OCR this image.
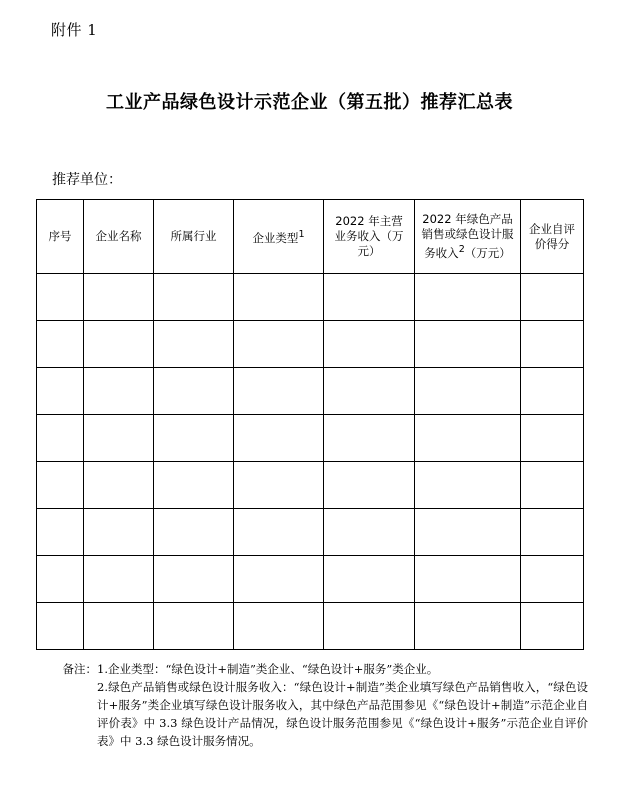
附件 1
工业产品绿色设计示范企业（第五批）推荐汇总表
推荐单位：
序号	企业名称	所属行业	企业类型$^1$	2022 年主营业务收入（万元）	2022 年绿色产品销售或绿色设计服务收入$^2$（万元）	企业自评价得分

备注： 1.企业类型：“绿色设计+制造”类企业、“绿色设计+服务”类企业。
2.绿色产品销售或绿色设计服务收入：“绿色设计+制造”类企业填写绿色产品销售收入，“绿色设计+服务”类企业填写绿色设计服务收入，其中绿色产品范围参见《“绿色设计+制造”示范企业自评价表》中 3.3 绿色设计产品情况，绿色设计服务范围参见《“绿色设计+服务”示范企业自评价表》中 3.3 绿色设计服务情况。
